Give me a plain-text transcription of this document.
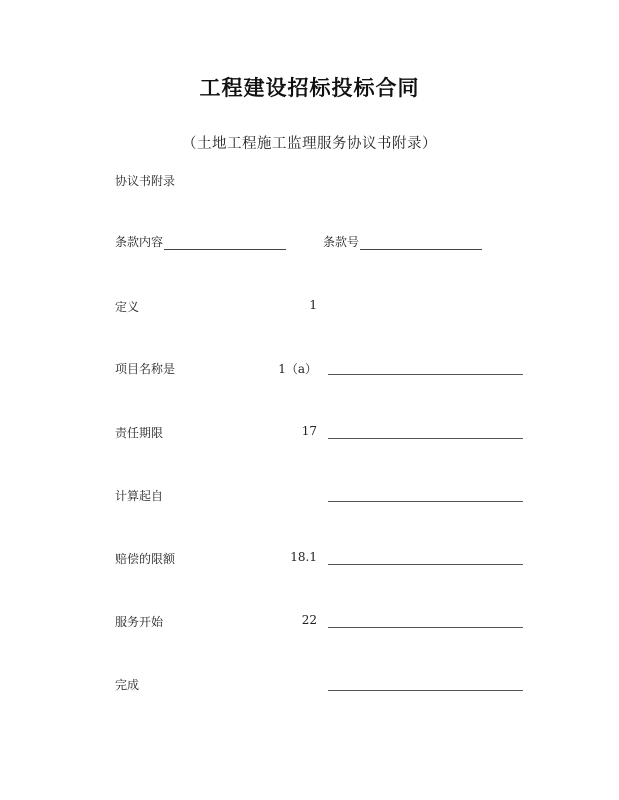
工程建设招标投标合同
（土地工程施工监理服务协议书附录）
协议书附录
条款内容	条款号
定义	1
项目名称是	1（a）
责任期限	17
计算起自
赔偿的限额	18.1
服务开始	22
完成
